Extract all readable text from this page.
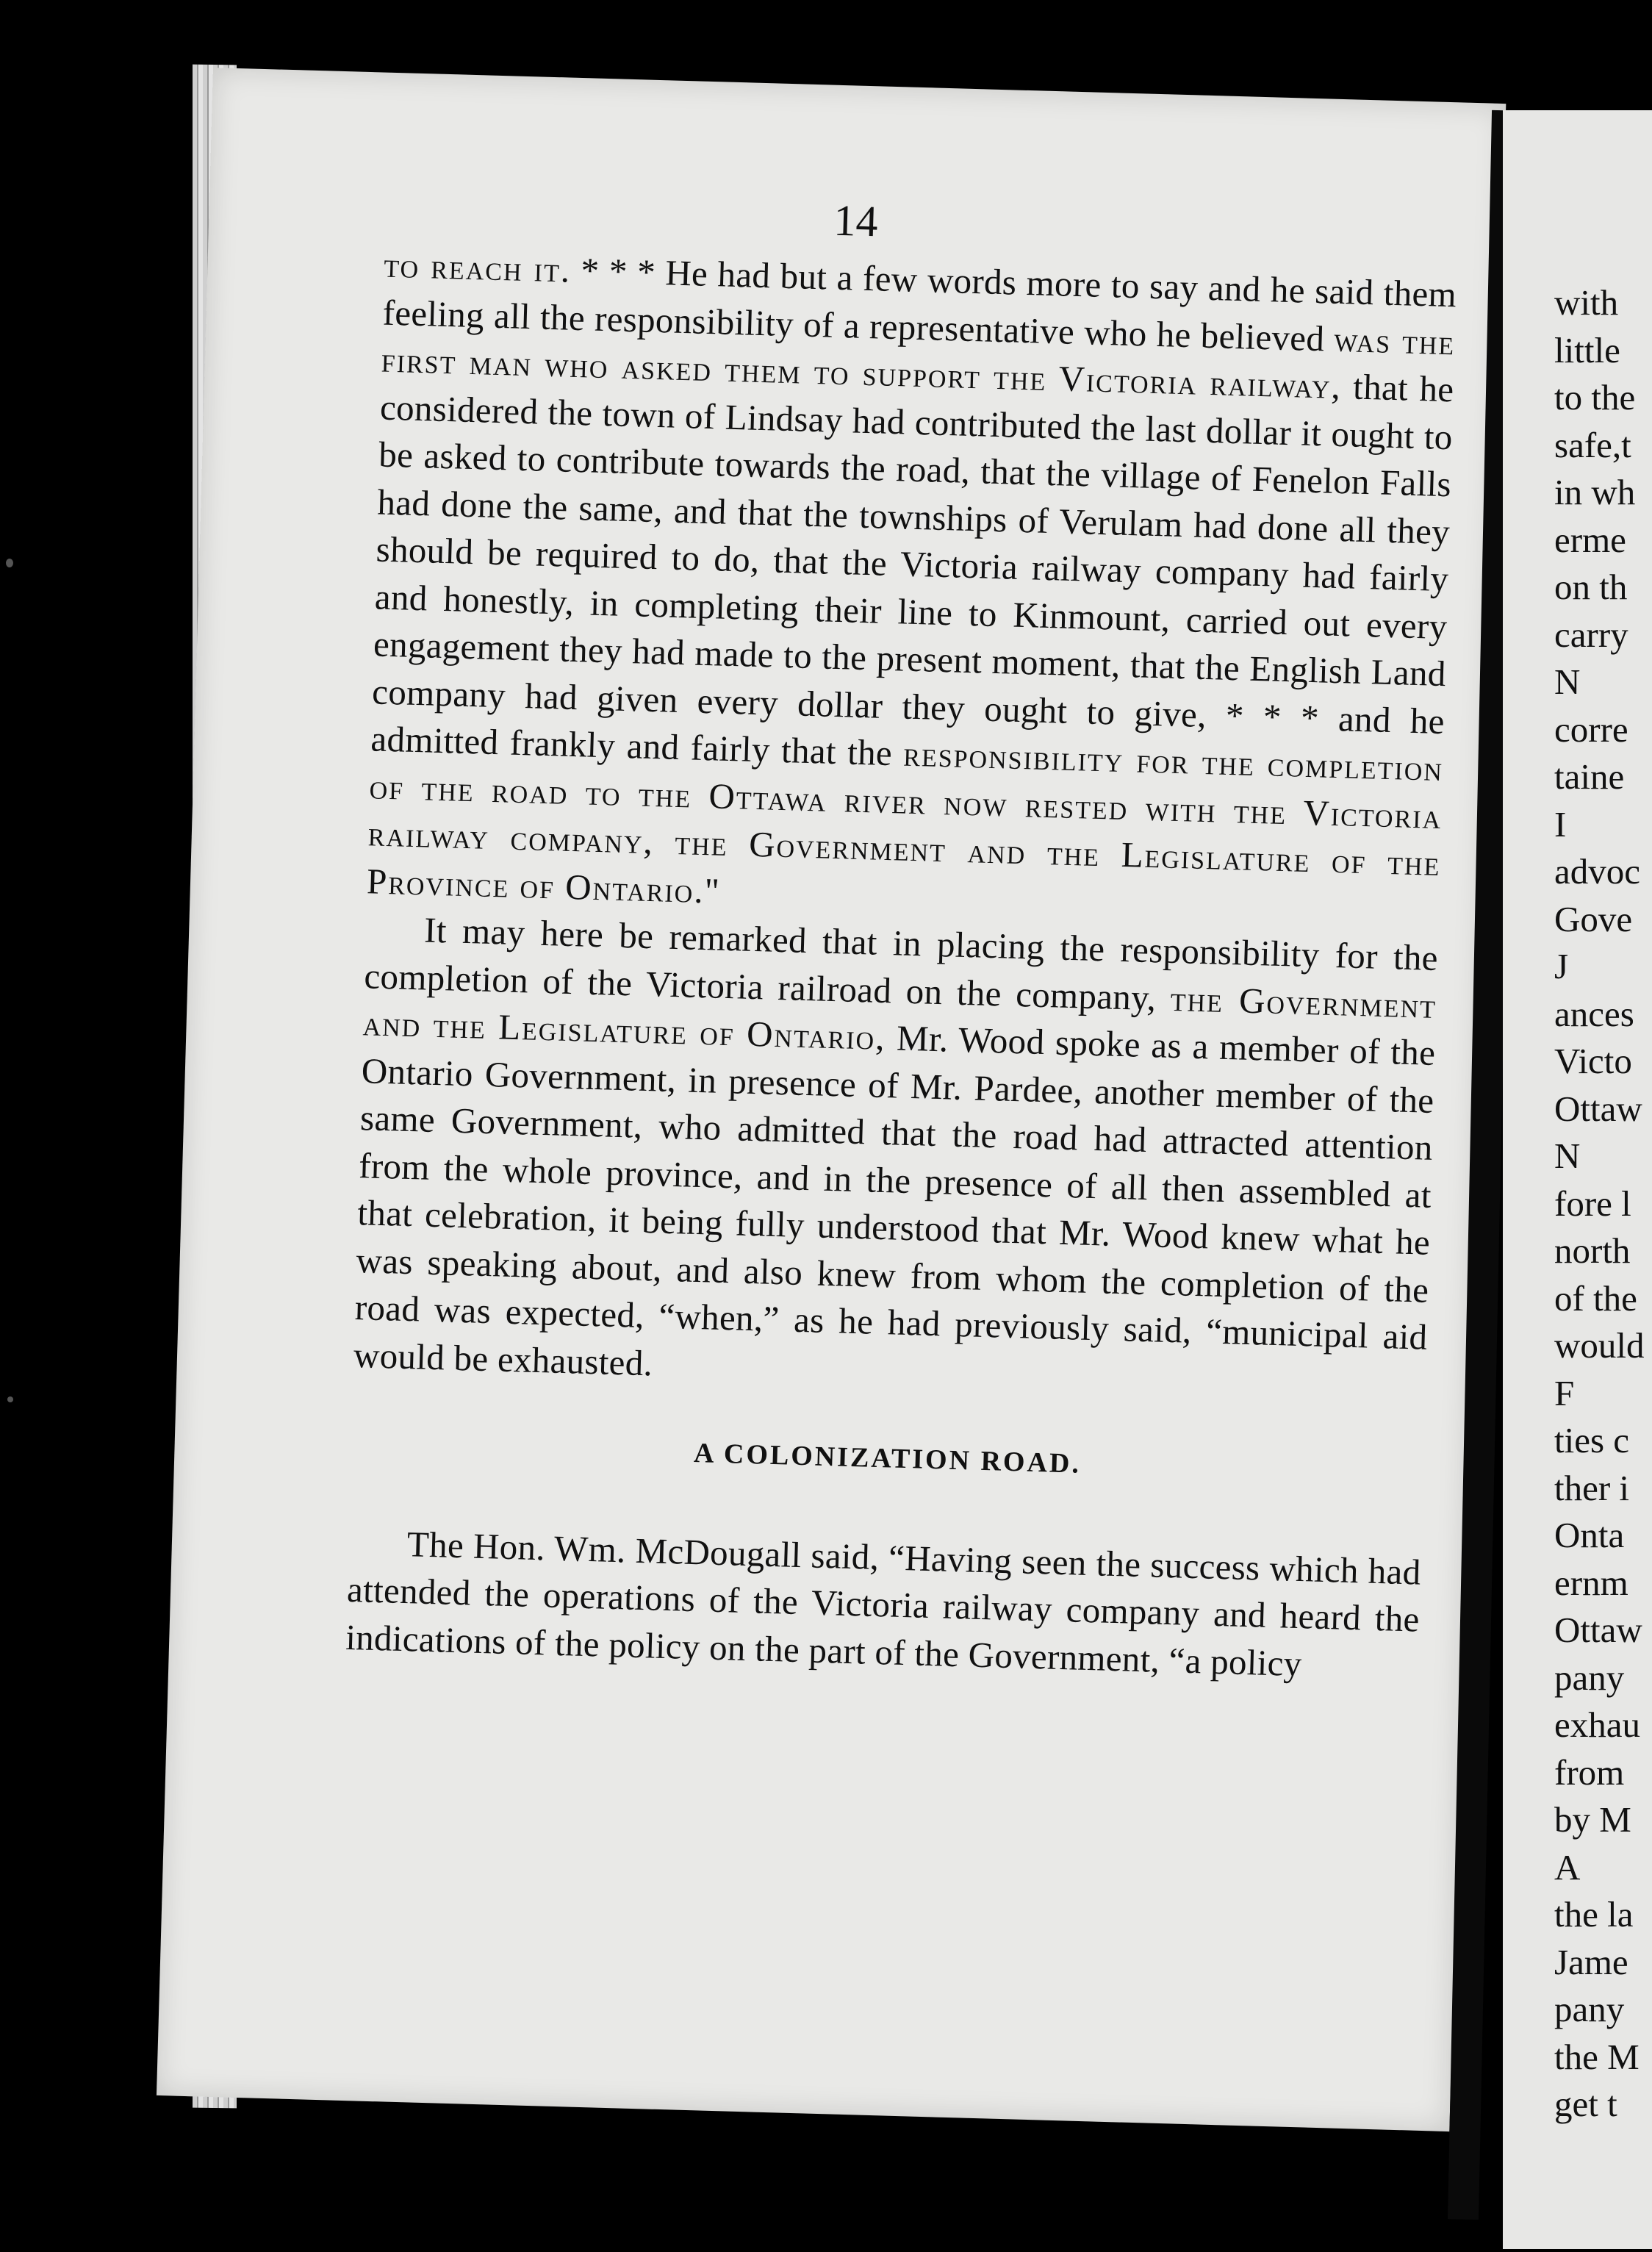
14

to reach it. * * * He had but a few words more to say and he said them feeling all the responsibility of a representative who he believed was the first man who asked them to support the Victoria railway, that he considered the town of Lindsay had contributed the last dollar it ought to be asked to contribute towards the road, that the village of Fenelon Falls had done the same, and that the townships of Verulam had done all they should be required to do, that the Victoria railway company had fairly and honestly, in completing their line to Kinmount, carried out every engagement they had made to the present moment, that the English Land company had given every dollar they ought to give, * * * and he admitted frankly and fairly that the responsibility for the completion of the road to the Ottawa river now rested with the Victoria railway company, the Government and the Legislature of the Province of Ontario."

It may here be remarked that in placing the responsibility for the completion of the Victoria railroad on the company, the Government and the Legislature of Ontario, Mr. Wood spoke as a member of the Ontario Government, in presence of Mr. Pardee, another member of the same Government, who admitted that the road had attracted attention from the whole province, and in the presence of all then assembled at that celebration, it being fully understood that Mr. Wood knew what he was speaking about, and also knew from whom the completion of the road was expected, “when,” as he had previously said, “municipal aid would be exhausted.

A COLONIZATION ROAD.

The Hon. Wm. McDougall said, “Having seen the success which had attended the operations of the Victoria railway company and heard the indications of the policy on the part of the Government, “a policy

with
little
to the
safe,t
in wh
erme
on th
carry
N
corre
taine
I
advoc
Gove
J
ances
Victo
Ottaw
N
fore l
north
of the
would
F
ties c
ther i
Onta
ernm
Ottaw
pany
exhau
from
by M
A
the la
Jame
pany
the M
get t
